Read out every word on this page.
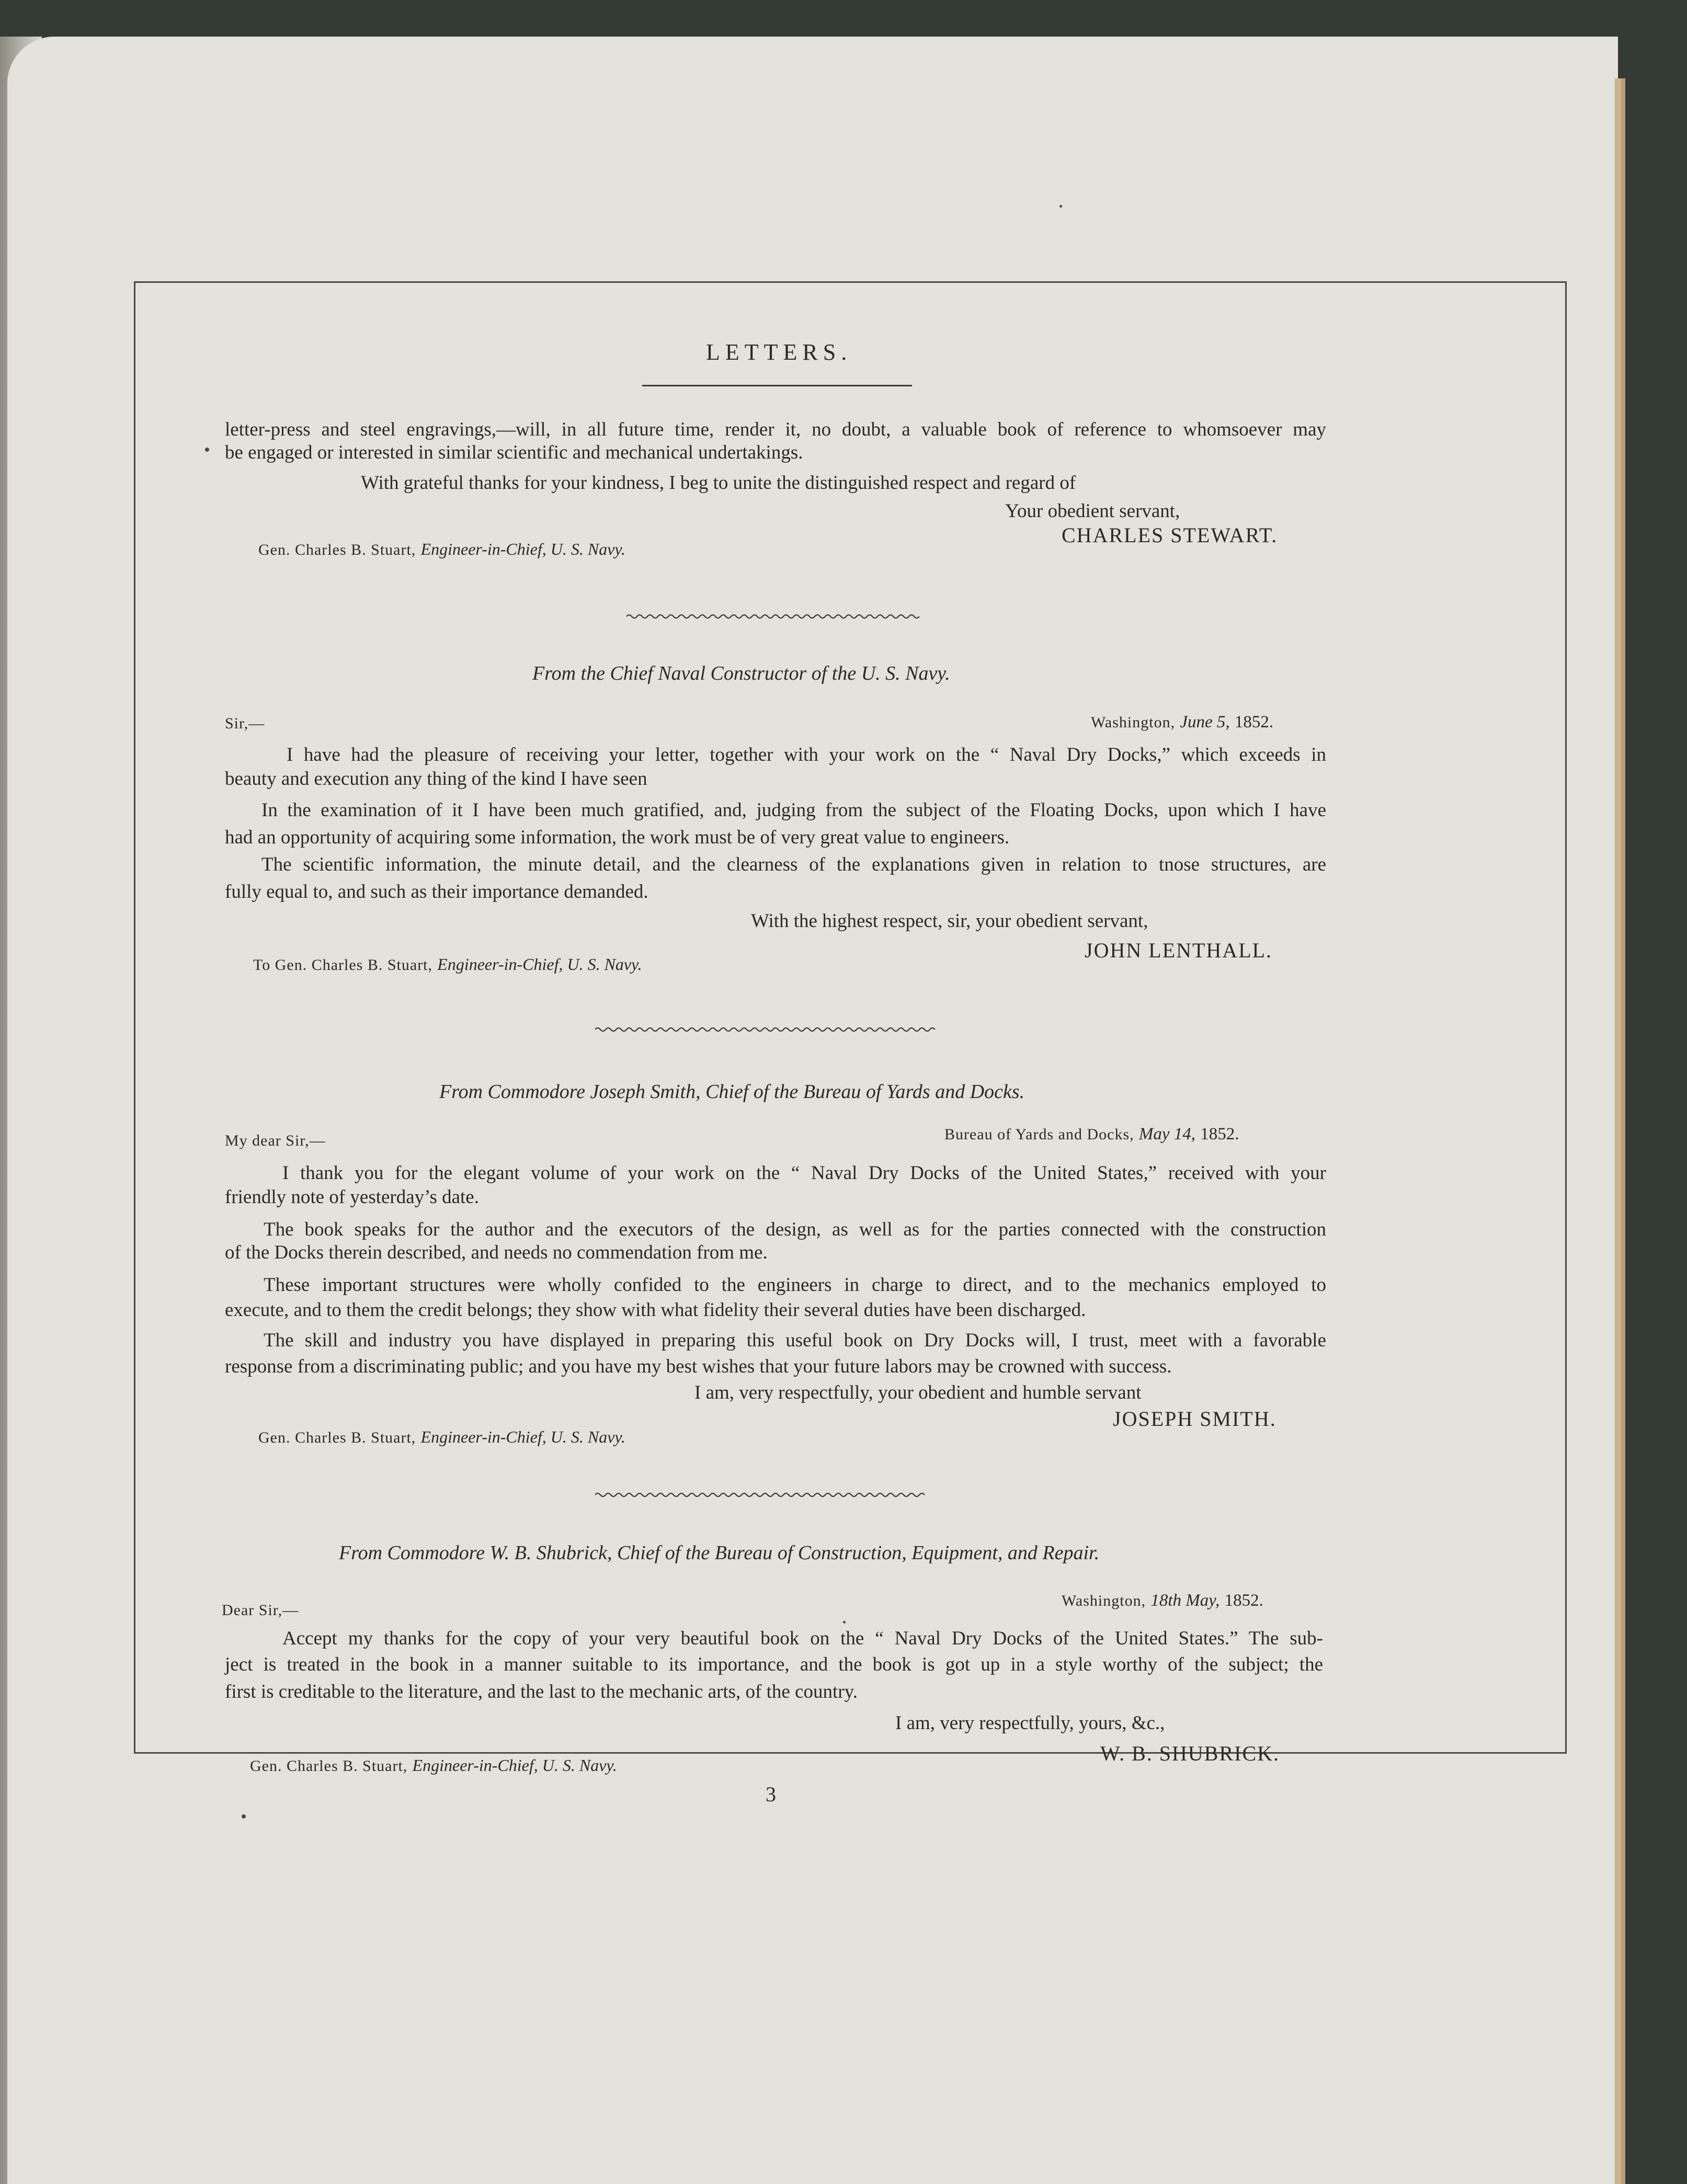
LETTERS.
letter-press and steel engravings,—will, in all future time, render it, no doubt, a valuable book of reference to whomsoever may
be engaged or interested in similar scientific and mechanical undertakings.
With grateful thanks for your kindness, I beg to unite the distinguished respect and regard of
Your obedient servant,
CHARLES STEWART.
Gen. Charles B. Stuart, Engineer-in-Chief, U. S. Navy.
From the Chief Naval Constructor of the U. S. Navy.
Washington, June 5, 1852.
Sir,—
I have had the pleasure of receiving your letter, together with your work on the “ Naval Dry Docks,” which exceeds in
beauty and execution any thing of the kind I have seen
In the examination of it I have been much gratified, and, judging from the subject of the Floating Docks, upon which I have
had an opportunity of acquiring some information, the work must be of very great value to engineers.
The scientific information, the minute detail, and the clearness of the explanations given in relation to tnose structures, are
fully equal to, and such as their importance demanded.
With the highest respect, sir, your obedient servant,
JOHN LENTHALL.
To Gen. Charles B. Stuart, Engineer-in-Chief, U. S. Navy.
From Commodore Joseph Smith, Chief of the Bureau of Yards and Docks.
Bureau of Yards and Docks, May 14, 1852.
My dear Sir,—
I thank you for the elegant volume of your work on the “ Naval Dry Docks of the United States,” received with your
friendly note of yesterday’s date.
The book speaks for the author and the executors of the design, as well as for the parties connected with the construction
of the Docks therein described, and needs no commendation from me.
These important structures were wholly confided to the engineers in charge to direct, and to the mechanics employed to
execute, and to them the credit belongs; they show with what fidelity their several duties have been discharged.
The skill and industry you have displayed in preparing this useful book on Dry Docks will, I trust, meet with a favorable
response from a discriminating public; and you have my best wishes that your future labors may be crowned with success.
I am, very respectfully, your obedient and humble servant
JOSEPH SMITH.
Gen. Charles B. Stuart, Engineer-in-Chief, U. S. Navy.
From Commodore W. B. Shubrick, Chief of the Bureau of Construction, Equipment, and Repair.
Washington, 18th May, 1852.
Dear Sir,—
Accept my thanks for the copy of your very beautiful book on the “ Naval Dry Docks of the United States.” The sub-
ject is treated in the book in a manner suitable to its importance, and the book is got up in a style worthy of the subject; the
first is creditable to the literature, and the last to the mechanic arts, of the country.
I am, very respectfully, yours, &c.,
W. B. SHUBRICK.
Gen. Charles B. Stuart, Engineer-in-Chief, U. S. Navy.
3
